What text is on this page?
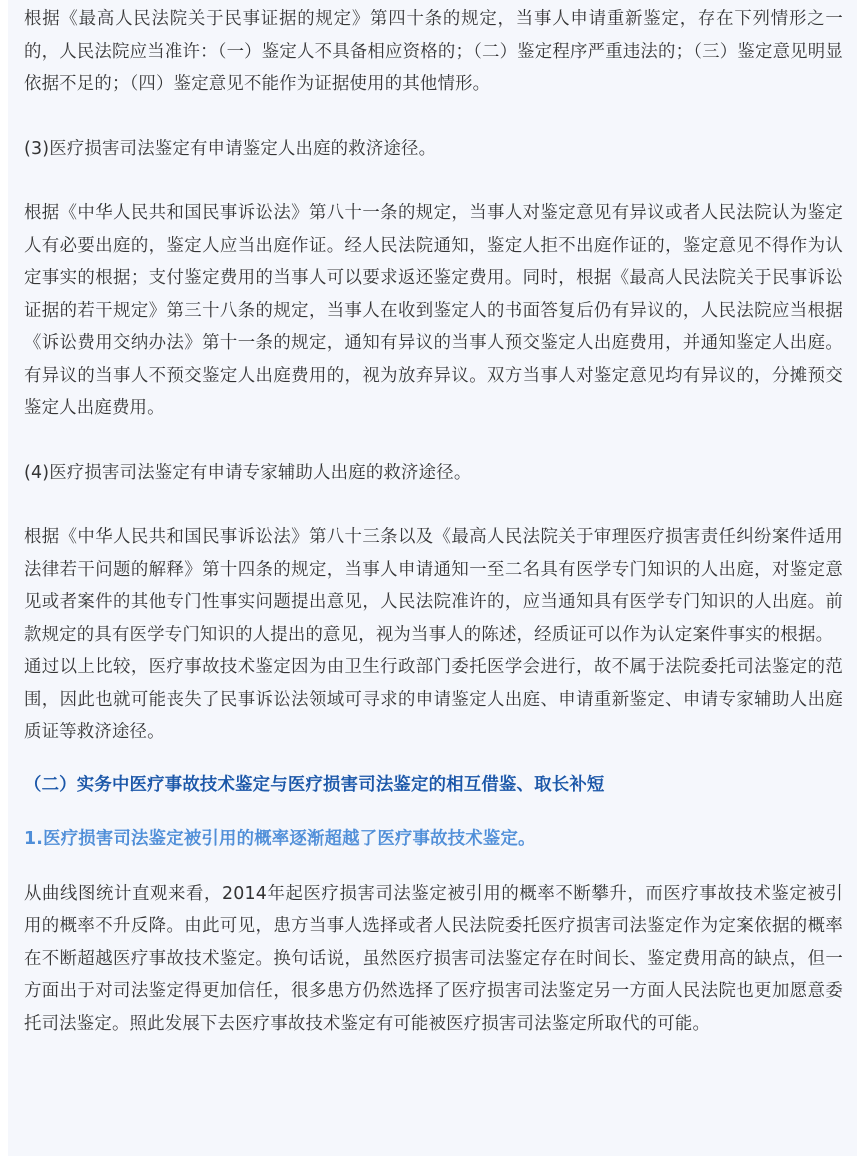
根据《最高人民法院关于民事证据的规定》第四十条的规定，当事人申请重新鉴定，存在下列情形之一的，人民法院应当准许：（一）鉴定人不具备相应资格的；（二）鉴定程序严重违法的；（三）鉴定意见明显依据不足的；（四）鉴定意见不能作为证据使用的其他情形。

(3)医疗损害司法鉴定有申请鉴定人出庭的救济途径。

根据《中华人民共和国民事诉讼法》第八十一条的规定，当事人对鉴定意见有异议或者人民法院认为鉴定人有必要出庭的，鉴定人应当出庭作证。经人民法院通知，鉴定人拒不出庭作证的，鉴定意见不得作为认定事实的根据；支付鉴定费用的当事人可以要求返还鉴定费用。同时，根据《最高人民法院关于民事诉讼证据的若干规定》第三十八条的规定，当事人在收到鉴定人的书面答复后仍有异议的，人民法院应当根据《诉讼费用交纳办法》第十一条的规定，通知有异议的当事人预交鉴定人出庭费用，并通知鉴定人出庭。有异议的当事人不预交鉴定人出庭费用的，视为放弃异议。双方当事人对鉴定意见均有异议的，分摊预交鉴定人出庭费用。

(4)医疗损害司法鉴定有申请专家辅助人出庭的救济途径。

根据《中华人民共和国民事诉讼法》第八十三条以及《最高人民法院关于审理医疗损害责任纠纷案件适用法律若干问题的解释》第十四条的规定，当事人申请通知一至二名具有医学专门知识的人出庭，对鉴定意见或者案件的其他专门性事实问题提出意见，人民法院准许的，应当通知具有医学专门知识的人出庭。前款规定的具有医学专门知识的人提出的意见，视为当事人的陈述，经质证可以作为认定案件事实的根据。

通过以上比较，医疗事故技术鉴定因为由卫生行政部门委托医学会进行，故不属于法院委托司法鉴定的范围，因此也就可能丧失了民事诉讼法领域可寻求的申请鉴定人出庭、申请重新鉴定、申请专家辅助人出庭质证等救济途径。

（二）实务中医疗事故技术鉴定与医疗损害司法鉴定的相互借鉴、取长补短

1.医疗损害司法鉴定被引用的概率逐渐超越了医疗事故技术鉴定。

从曲线图统计直观来看，2014年起医疗损害司法鉴定被引用的概率不断攀升，而医疗事故技术鉴定被引用的概率不升反降。由此可见，患方当事人选择或者人民法院委托医疗损害司法鉴定作为定案依据的概率在不断超越医疗事故技术鉴定。换句话说，虽然医疗损害司法鉴定存在时间长、鉴定费用高的缺点，但一方面出于对司法鉴定得更加信任，很多患方仍然选择了医疗损害司法鉴定另一方面人民法院也更加愿意委托司法鉴定。照此发展下去医疗事故技术鉴定有可能被医疗损害司法鉴定所取代的可能。
